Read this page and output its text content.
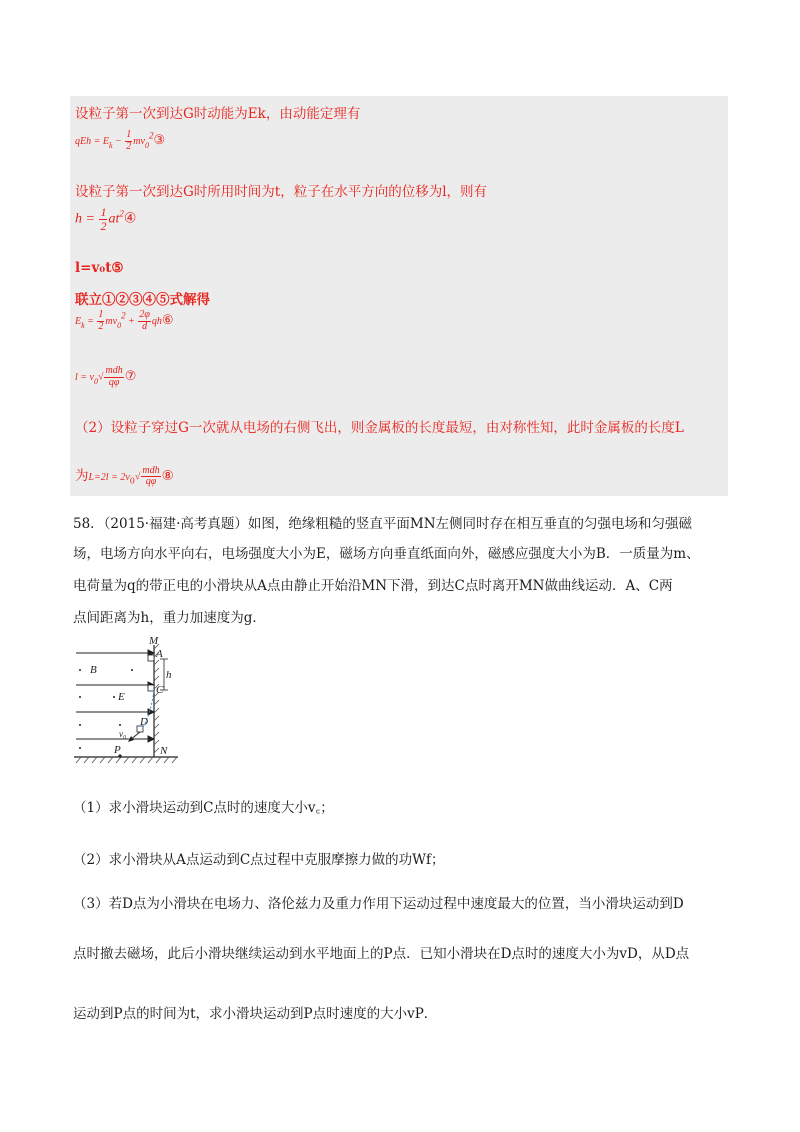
设粒子第一次到达G时动能为Ek，由动能定理有
qEh = $E_k - \frac{1}{2}$ $mv_0^2③$
设粒子第一次到达G时所用时间为t，粒子在水平方向的位移为l，则有
$h = \frac{1}{2}$ $at^2④$
l=v₀t⑤
联立①②③④⑤式解得
$E_k = \frac{1}{2} mv_0^2 + \frac{2\varphi}{d}$ qh⑥
$l = v_0√ \frac{\text{mdh}}{q\varphi}$ ⑦
（2）设粒子穿过G一次就从电场的右侧飞出，则金属板的长度最短，由对称性知，此时金属板的长度L
为$L=2l = 2v_0√ \frac{\text{mdh}}{q\varphi}$ ⑧
58．（2015·福建·高考真题）如图，绝缘粗糙的竖直平面MN左侧同时存在相互垂直的匀强电场和匀强磁
场，电场方向水平向右，电场强度大小为E，磁场方向垂直纸面向外，磁感应强度大小为B．一质量为m、
电荷量为q的带正电的小滑块从A点由静止开始沿MN下滑，到达C点时离开MN做曲线运动．A、C两
点间距离为h，重力加速度为g．
M
A
h
B
E
C
D
v₀
P	N
（1）求小滑块运动到C点时的速度大小v꜀；
（2）求小滑块从A点运动到C点过程中克服摩擦力做的功Wf；
（3）若D点为小滑块在电场力、洛伦兹力及重力作用下运动过程中速度最大的位置，当小滑块运动到D
点时撤去磁场，此后小滑块继续运动到水平地面上的P点．已知小滑块在D点时的速度大小为vD，从D点
运动到P点的时间为t，求小滑块运动到P点时速度的大小vP．
